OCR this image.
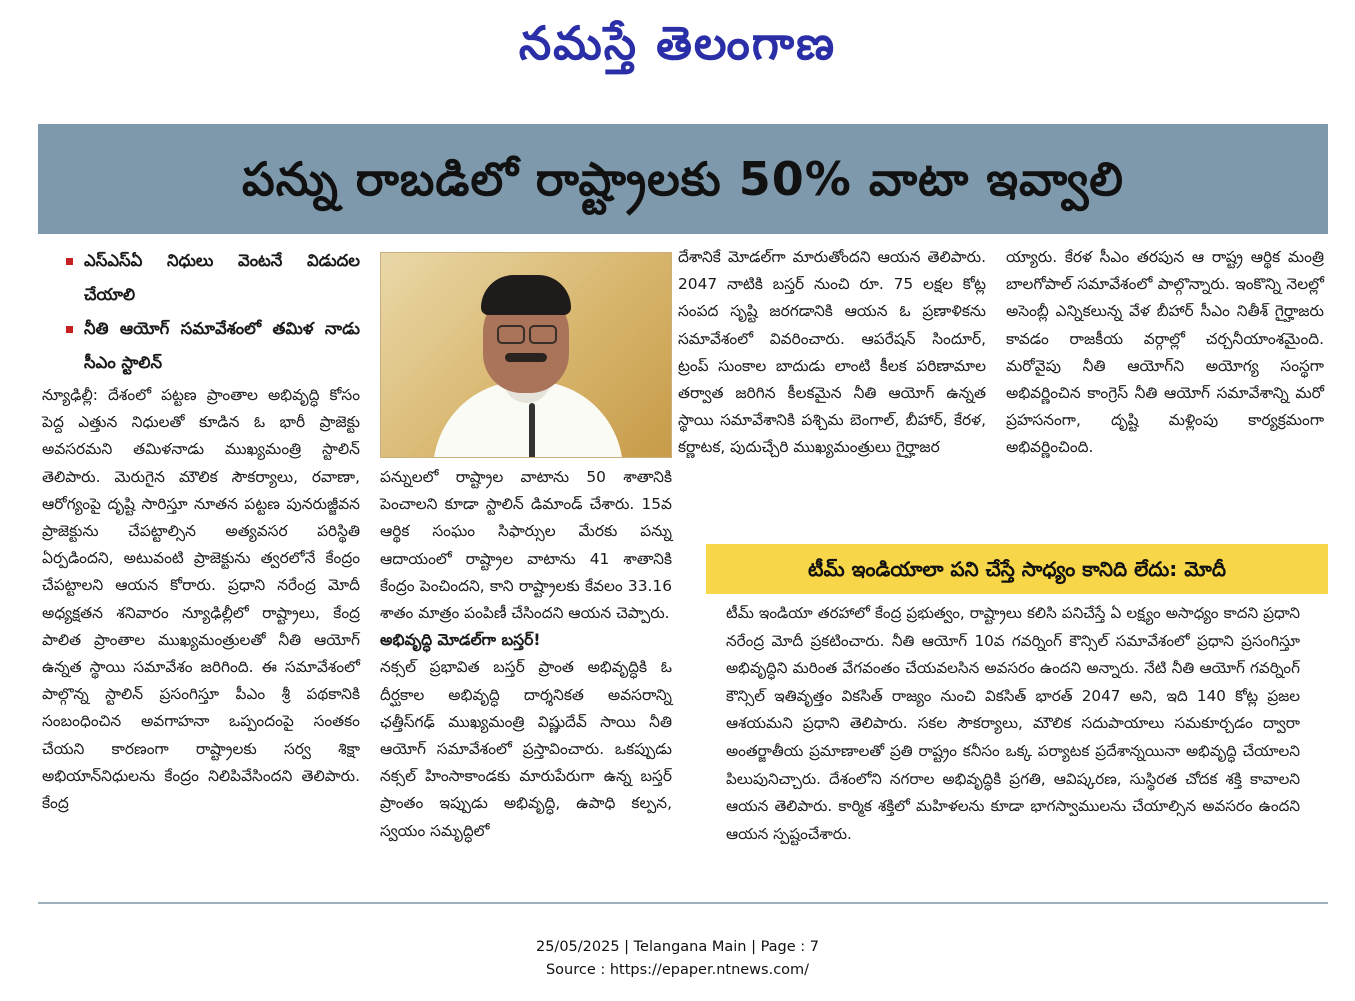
నమస్తే తెలంగాణ
పన్ను రాబడిలో రాష్ట్రాలకు 50% వాటా ఇవ్వాలి
ఎస్ఎస్ఏ నిధులు వెంటనే విడుదల చేయాలి
నీతి ఆయోగ్ సమావేశంలో తమిళ నాడు సీఎం స్టాలిన్

న్యూఢిల్లీ: దేశంలో పట్టణ ప్రాంతాల అభివృద్ధి కోసం పెద్ద ఎత్తున నిధులతో కూడిన ఓ భారీ ప్రాజెక్టు అవసరమని తమిళనాడు ముఖ్యమంత్రి స్టాలిన్ తెలిపారు. మెరుగైన మౌలిక సౌకర్యాలు, రవాణా, ఆరోగ్యంపై దృష్టి సారిస్తూ నూతన పట్టణ పునరుజ్జీవన ప్రాజెక్టును చేపట్టాల్సిన అత్యవసర పరిస్థితి ఏర్పడిందని, అటువంటి ప్రాజెక్టును త్వరలోనే కేంద్రం చేపట్టాలని ఆయన కోరారు. ప్రధాని నరేంద్ర మోదీ అధ్యక్షతన శనివారం న్యూఢిల్లీలో రాష్ట్రాలు, కేంద్ర పాలిత ప్రాంతాల ముఖ్యమంత్రులతో నీతి ఆయోగ్ ఉన్నత స్థాయి సమావేశం జరిగింది. ఈ సమావేశంలో పాల్గొన్న స్టాలిన్ ప్రసంగిస్తూ పీఎం శ్రీ పథకానికి సంబంధించిన అవగాహనా ఒప్పందంపై సంతకం చేయని కారణంగా రాష్ట్రాలకు సర్వ శిక్షా అభియాన్‌నిధులను కేంద్రం నిలిపివేసిందని తెలిపారు. కేంద్ర

పన్నులలో రాష్ట్రాల వాటాను 50 శాతానికి పెంచాలని కూడా స్టాలిన్ డిమాండ్ చేశారు. 15వ ఆర్థిక సంఘం సిఫార్సుల మేరకు పన్ను ఆదాయంలో రాష్ట్రాల వాటాను 41 శాతానికి కేంద్రం పెంచిందని, కాని రాష్ట్రాలకు కేవలం 33.16 శాతం మాత్రం పంపిణీ చేసిందని ఆయన చెప్పారు.

అభివృద్ధి మోడల్‌గా బస్తర్!

నక్సల్ ప్రభావిత బస్తర్ ప్రాంత అభివృద్ధికి ఓ దీర్ఘకాల అభివృద్ధి దార్శనికత అవసరాన్ని ఛత్తీస్‌గఢ్ ముఖ్యమంత్రి విష్ణుదేవ్ సాయి నీతి ఆయోగ్ సమావేశంలో ప్రస్తావించారు. ఒకప్పుడు నక్సల్ హింసాకాండకు మారుపేరుగా ఉన్న బస్తర్ ప్రాంతం ఇప్పుడు అభివృద్ధి, ఉపాధి కల్పన, స్వయం సమృద్ధిలో

దేశానికే మోడల్‌గా మారుతోందని ఆయన తెలిపారు. 2047 నాటికి బస్తర్ నుంచి రూ. 75 లక్షల కోట్ల సంపద సృష్టి జరగడానికి ఆయన ఓ ప్రణాళికను సమావేశంలో వివరించారు. ఆపరేషన్ సిందూర్, ట్రంప్ సుంకాల బాదుడు లాంటి కీలక పరిణామాల తర్వాత జరిగిన కీలకమైన నీతి ఆయోగ్ ఉన్నత స్థాయి సమావేశానికి పశ్చిమ బెంగాల్, బీహార్, కేరళ, కర్ణాటక, పుదుచ్చేరి ముఖ్యమంత్రులు గైర్హాజర

య్యారు. కేరళ సీఎం తరపున ఆ రాష్ట్ర ఆర్థిక మంత్రి బాలగోపాల్ సమావేశంలో పాల్గొన్నారు. ఇంకొన్ని నెలల్లో అసెంబ్లీ ఎన్నికలున్న వేళ బీహార్ సీఎం నితీశ్ గైర్హాజరు కావడం రాజకీయ వర్గాల్లో చర్చనీయాంశమైంది. మరోవైపు నీతి ఆయోగ్‌ని అయోగ్య సంస్థగా అభివర్ణించిన కాంగ్రెస్ నీతి ఆయోగ్ సమావేశాన్ని మరో ప్రహసనంగా, దృష్టి మళ్లింపు కార్యక్రమంగా అభివర్ణించింది.

టీమ్ ఇండియాలా పని చేస్తే సాధ్యం కానిది లేదు: మోదీ
టీమ్ ఇండియా తరహాలో కేంద్ర ప్రభుత్వం, రాష్ట్రాలు కలిసి పనిచేస్తే ఏ లక్ష్యం అసాధ్యం కాదని ప్రధాని నరేంద్ర మోదీ ప్రకటించారు. నీతి ఆయోగ్ 10వ గవర్నింగ్ కౌన్సిల్ సమావేశంలో ప్రధాని ప్రసంగిస్తూ అభివృద్ధిని మరింత వేగవంతం చేయవలసిన అవసరం ఉందని అన్నారు. నేటి నీతి ఆయోగ్ గవర్నింగ్ కౌన్సిల్ ఇతివృత్తం వికసిత్ రాజ్యం నుంచి వికసిత్ భారత్ 2047 అని, ఇది 140 కోట్ల ప్రజల ఆశయమని ప్రధాని తెలిపారు. సకల సౌకర్యాలు, మౌలిక సదుపాయాలు సమకూర్చడం ద్వారా అంతర్జాతీయ ప్రమాణాలతో ప్రతి రాష్ట్రం కనీసం ఒక్క పర్యాటక ప్రదేశాన్నయినా అభివృద్ధి చేయాలని పిలుపునిచ్చారు. దేశంలోని నగరాల అభివృద్ధికి ప్రగతి, ఆవిష్కరణ, సుస్థిరత చోదక శక్తి కావాలని ఆయన తెలిపారు. కార్మిక శక్తిలో మహిళలను కూడా భాగస్వాములను చేయాల్సిన అవసరం ఉందని ఆయన స్పష్టంచేశారు.
25/05/2025 | Telangana Main | Page : 7
Source : https://epaper.ntnews.com/
